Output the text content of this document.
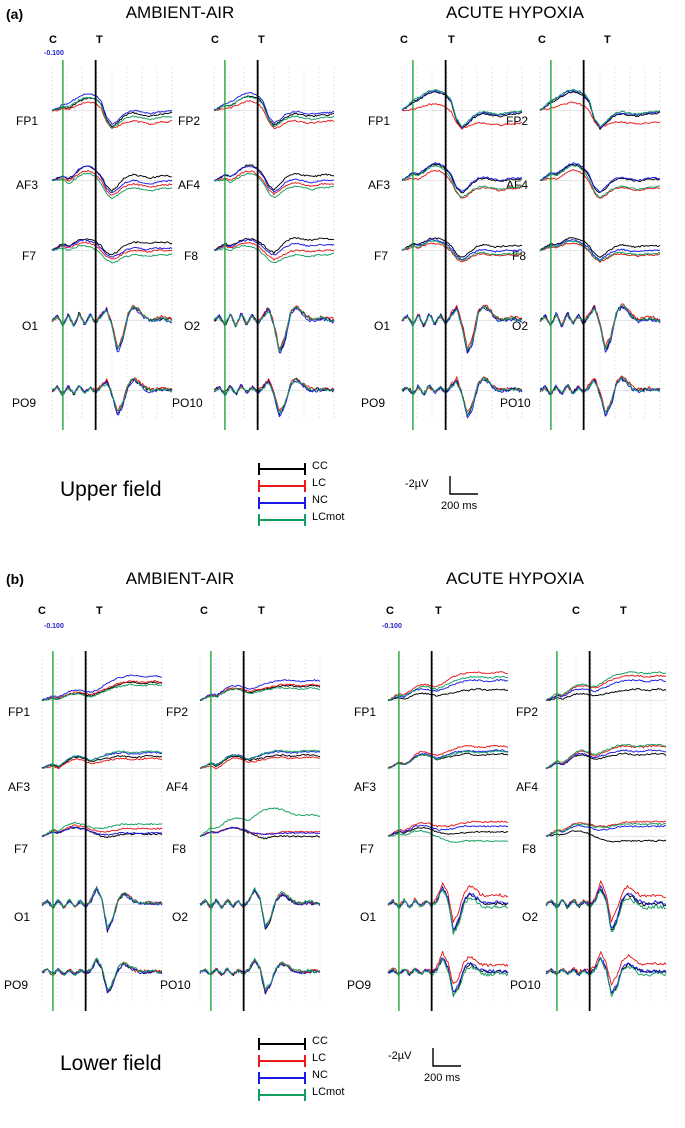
(a)	AMBIENT-AIR	ACUTE HYPOXIA
C	T
-0.100
C	T	C	T	C	T
FP1
AF3
F7
O1
PO9
FP2
AF4
F8
O2
PO10
FP1
AF3
F7
O1
PO9
FP2
AF4
F8
O2
PO10
Upper field
CC
LC
NC
LCmot
-2µV
200 ms
(b)	AMBIENT-AIR	ACUTE HYPOXIA
C	T
-0.100
C	T	C	T
-0.100
C	T
FP1
AF3
F7
O1
PO9
FP2
AF4
F8
O2
PO10
FP1
AF3
F7
O1
PO9
FP2
AF4
F8
O2
PO10
Lower field
CC
LC
NC
LCmot
-2µV
200 ms
